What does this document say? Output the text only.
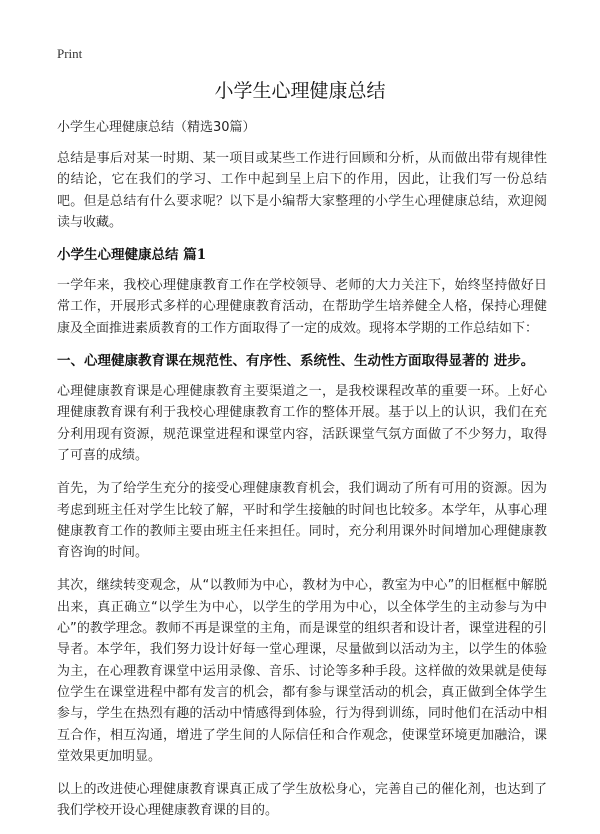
Print
小学生心理健康总结
小学生心理健康总结（精选30篇）

总结是事后对某一时期、某一项目或某些工作进行回顾和分析，从而做出带有规律性的结论，它在我们的学习、工作中起到呈上启下的作用，因此，让我们写一份总结吧。但是总结有什么要求呢？以下是小编帮大家整理的小学生心理健康总结，欢迎阅读与收藏。

小学生心理健康总结 篇1

一学年来，我校心理健康教育工作在学校领导、老师的大力关注下，始终坚持做好日常工作，开展形式多样的心理健康教育活动，在帮助学生培养健全人格，保持心理健康及全面推进素质教育的工作方面取得了一定的成效。现将本学期的工作总结如下：

一、心理健康教育课在规范性、有序性、系统性、生动性方面取得显著的 进步。

心理健康教育课是心理健康教育主要渠道之一，是我校课程改革的重要一环。上好心理健康教育课有利于我校心理健康教育工作的整体开展。基于以上的认识，我们在充分利用现有资源，规范课堂进程和课堂内容，活跃课堂气氛方面做了不少努力，取得了可喜的成绩。

首先，为了给学生充分的接受心理健康教育机会，我们调动了所有可用的资源。因为考虑到班主任对学生比较了解，平时和学生接触的时间也比较多。本学年，从事心理健康教育工作的教师主要由班主任来担任。同时，充分利用课外时间增加心理健康教育咨询的时间。

其次，继续转变观念，从“以教师为中心，教材为中心，教室为中心”的旧框框中解脱出来，真正确立“以学生为中心，以学生的学用为中心，以全体学生的主动参与为中心”的教学理念。教师不再是课堂的主角，而是课堂的组织者和设计者，课堂进程的引导者。本学年，我们努力设计好每一堂心理课，尽量做到以活动为主，以学生的体验为主，在心理教育课堂中运用录像、音乐、讨论等多种手段。这样做的效果就是使每位学生在课堂进程中都有发言的机会，都有参与课堂活动的机会，真正做到全体学生参与，学生在热烈有趣的活动中情感得到体验，行为得到训练，同时他们在活动中相互合作，相互沟通，增进了学生间的人际信任和合作观念，使课堂环境更加融洽，课堂效果更加明显。

以上的改进使心理健康教育课真正成了学生放松身心，完善自己的催化剂，也达到了我们学校开设心理健康教育课的目的。
